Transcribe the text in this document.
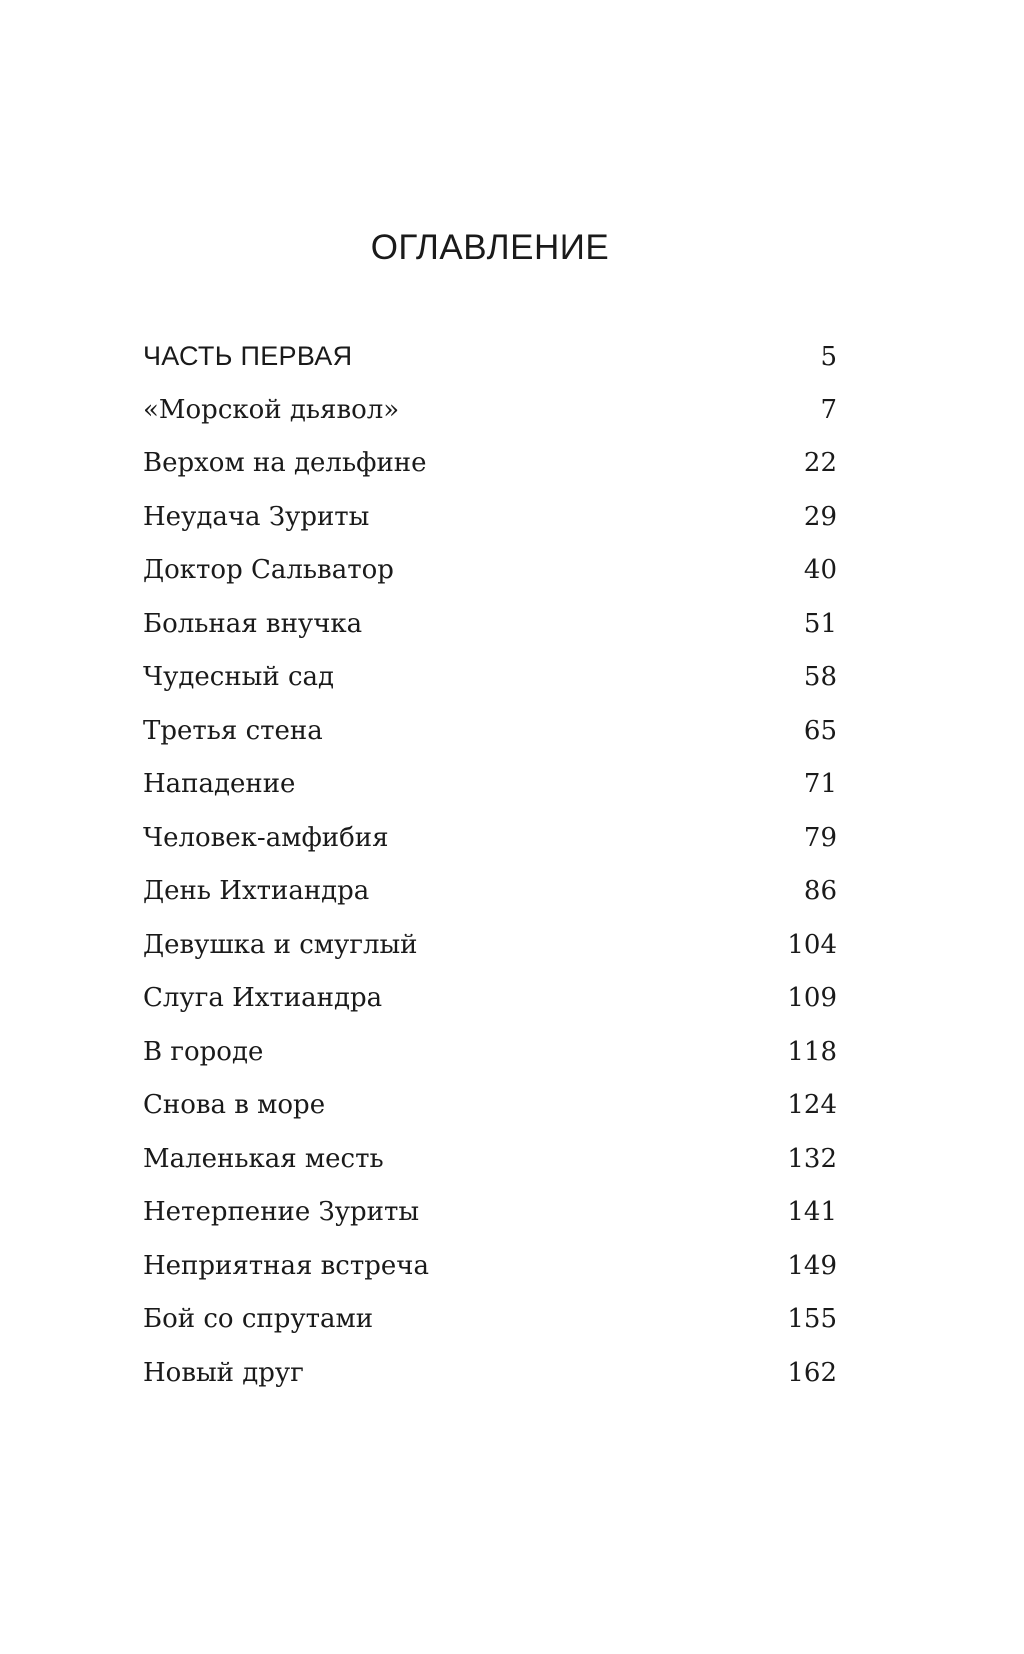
ОГЛАВЛЕНИЕ
ЧАСТЬ ПЕРВАЯ	5
«Морской дьявол»	7
Верхом на дельфине	22
Неудача Зуриты	29
Доктор Сальватор	40
Больная внучка	51
Чудесный сад	58
Третья стена	65
Нападение	71
Человек-амфибия	79
День Ихтиандра	86
Девушка и смуглый	104
Слуга Ихтиандра	109
В городе	118
Снова в море	124
Маленькая месть	132
Нетерпение Зуриты	141
Неприятная встреча	149
Бой со спрутами	155
Новый друг	162
